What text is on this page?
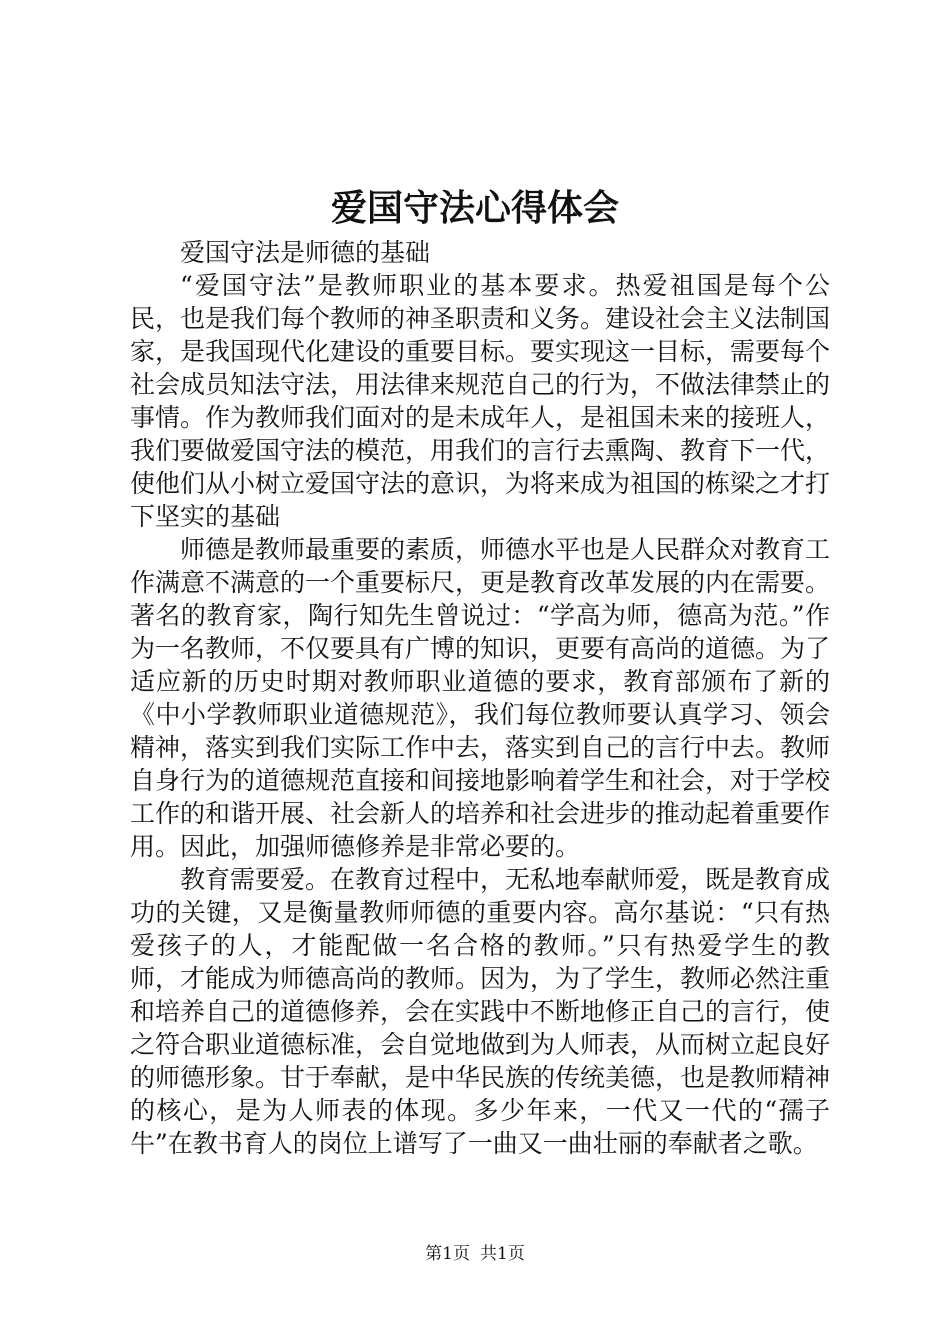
爱国守法心得体会

爱国守法是师德的基础

“爱国守法”是教师职业的基本要求。热爱祖国是每个公民，也是我们每个教师的神圣职责和义务。建设社会主义法制国家，是我国现代化建设的重要目标。要实现这一目标，需要每个社会成员知法守法，用法律来规范自己的行为，不做法律禁止的事情。作为教师我们面对的是未成年人，是祖国未来的接班人，我们要做爱国守法的模范，用我们的言行去熏陶、教育下一代，使他们从小树立爱国守法的意识，为将来成为祖国的栋梁之才打下坚实的基础

师德是教师最重要的素质，师德水平也是人民群众对教育工作满意不满意的一个重要标尺，更是教育改革发展的内在需要。著名的教育家，陶行知先生曾说过：“学高为师，德高为范。”作为一名教师，不仅要具有广博的知识，更要有高尚的道德。为了适应新的历史时期对教师职业道德的要求，教育部颁布了新的《中小学教师职业道德规范》，我们每位教师要认真学习、领会精神，落实到我们实际工作中去，落实到自己的言行中去。教师自身行为的道德规范直接和间接地影响着学生和社会，对于学校工作的和谐开展、社会新人的培养和社会进步的推动起着重要作用。因此，加强师德修养是非常必要的。

教育需要爱。在教育过程中，无私地奉献师爱，既是教育成功的关键，又是衡量教师师德的重要内容。高尔基说：“只有热爱孩子的人，才能配做一名合格的教师。”只有热爱学生的教师，才能成为师德高尚的教师。因为，为了学生，教师必然注重和培养自己的道德修养，会在实践中不断地修正自己的言行，使之符合职业道德标准，会自觉地做到为人师表，从而树立起良好的师德形象。甘于奉献，是中华民族的传统美德，也是教师精神的核心，是为人师表的体现。多少年来，一代又一代的“孺子牛”在教书育人的岗位上谱写了一曲又一曲壮丽的奉献者之歌。

第1页 共1页
